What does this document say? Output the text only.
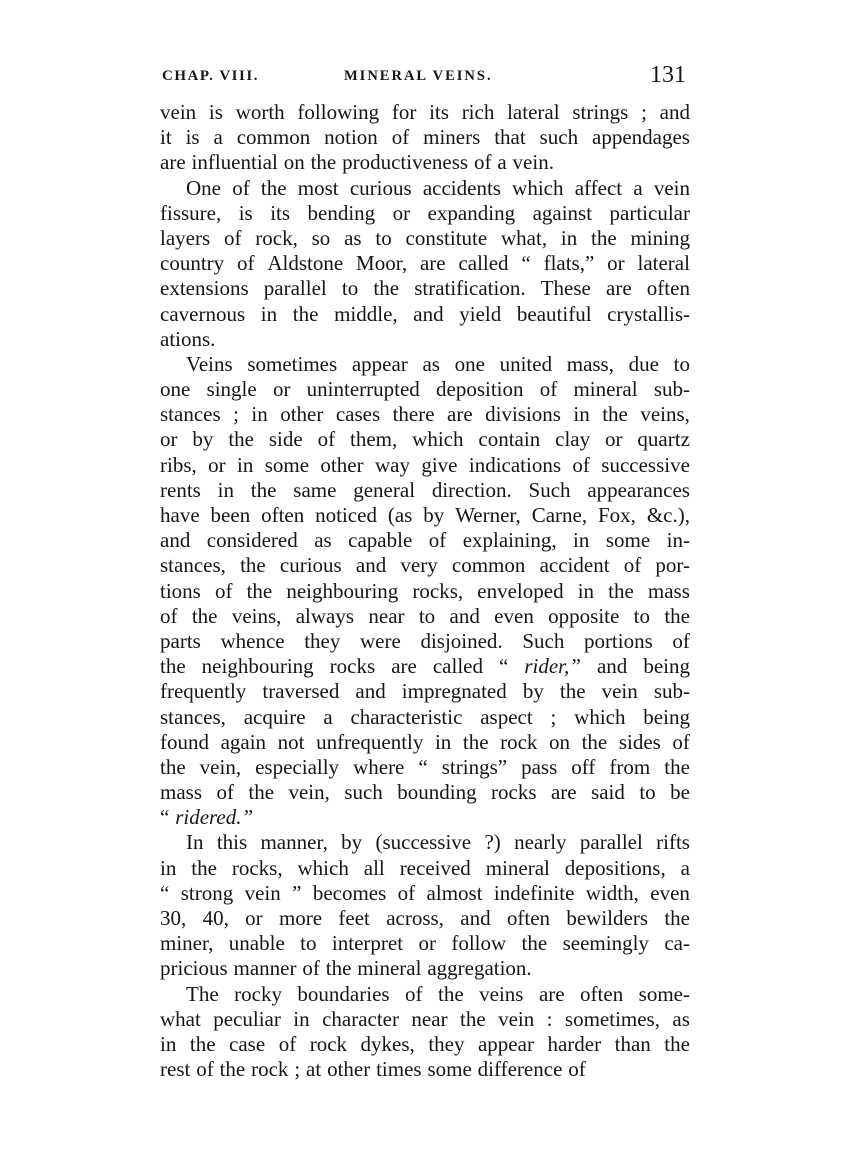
CHAP. VIII.	MINERAL VEINS.	131
vein is worth following for its rich lateral strings ; and
it is a common notion of miners that such appendages
are influential on the productiveness of a vein.
One of the most curious accidents which affect a vein
fissure, is its bending or expanding against particular
layers of rock, so as to constitute what, in the mining
country of Aldstone Moor, are called “ flats,” or lateral
extensions parallel to the stratification. These are often
cavernous in the middle, and yield beautiful crystallis-
ations.
Veins sometimes appear as one united mass, due to
one single or uninterrupted deposition of mineral sub-
stances ; in other cases there are divisions in the veins,
or by the side of them, which contain clay or quartz
ribs, or in some other way give indications of successive
rents in the same general direction. Such appearances
have been often noticed (as by Werner, Carne, Fox, &c.),
and considered as capable of explaining, in some in-
stances, the curious and very common accident of por-
tions of the neighbouring rocks, enveloped in the mass
of the veins, always near to and even opposite to the
parts whence they were disjoined. Such portions of
the neighbouring rocks are called “ rider,” and being
frequently traversed and impregnated by the vein sub-
stances, acquire a characteristic aspect ; which being
found again not unfrequently in the rock on the sides of
the vein, especially where “ strings” pass off from the
mass of the vein, such bounding rocks are said to be
“ ridered.”
In this manner, by (successive ?) nearly parallel rifts
in the rocks, which all received mineral depositions, a
“ strong vein ” becomes of almost indefinite width, even
30, 40, or more feet across, and often bewilders the
miner, unable to interpret or follow the seemingly ca-
pricious manner of the mineral aggregation.
The rocky boundaries of the veins are often some-
what peculiar in character near the vein : sometimes, as
in the case of rock dykes, they appear harder than the
rest of the rock ; at other times some difference of
